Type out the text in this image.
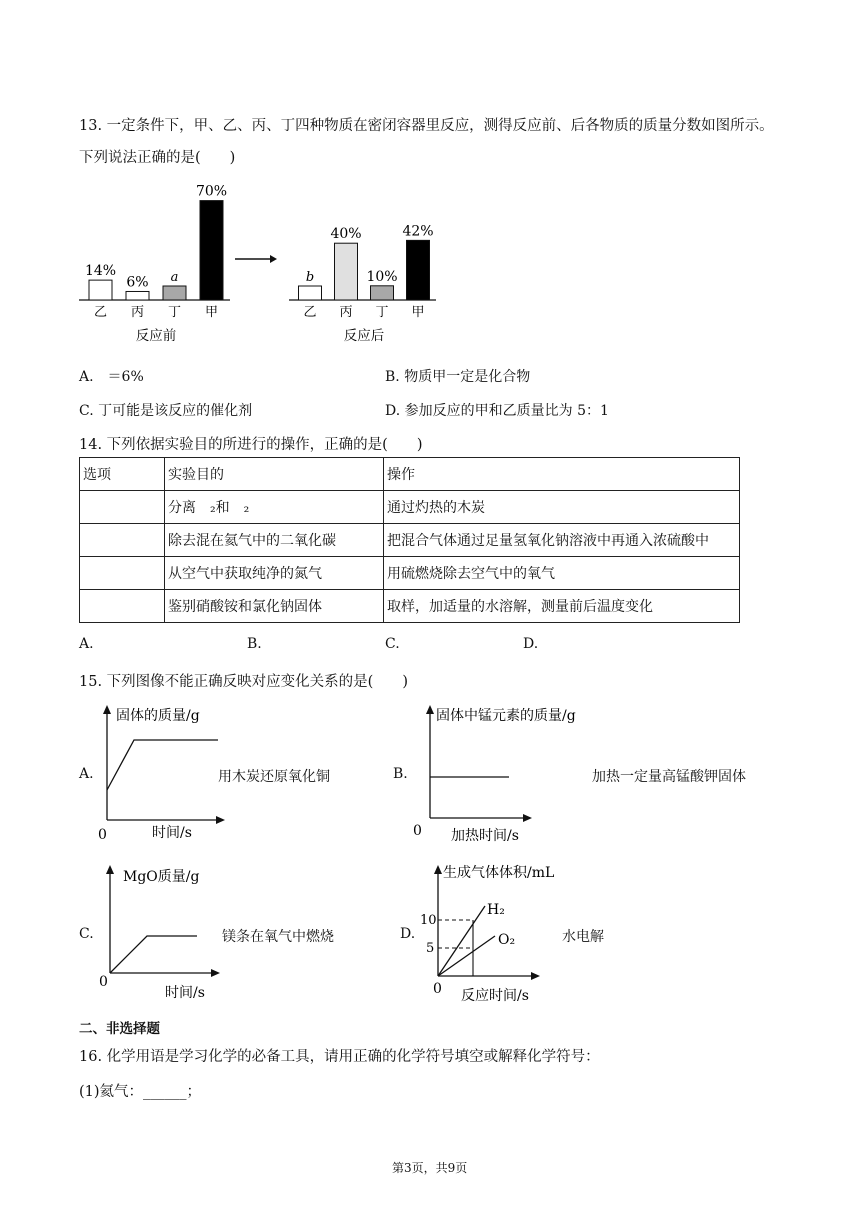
13. 一定条件下，甲、乙、丙、丁四种物质在密闭容器里反应，测得反应前、后各物质的质量分数如图所示。
下列说法正确的是(　　)
14%
乙
6%
丙
a
丁
70%
甲
反应前
b
乙
40%
丙
10%
丁
42%
甲
反应后
A.　＝6%	B. 物质甲一定是化合物
C. 丁可能是该反应的催化剂	D. 参加反应的甲和乙质量比为 5：1
14. 下列依据实验目的所进行的操作，正确的是(　　)
选项	实验目的	操作
	分离　₂和　₂	通过灼热的木炭
	除去混在氦气中的二氧化碳	把混合气体通过足量氢氧化钠溶液中再通入浓硫酸中
	从空气中获取纯净的氮气	用硫燃烧除去空气中的氧气
	鉴别硝酸铵和氯化钠固体	取样，加适量的水溶解，测量前后温度变化
A.	B.	C.	D.
15. 下列图像不能正确反映对应变化关系的是(　　)
A.
固体的质量/g
0	时间/s
用木炭还原氧化铜	B.
固体中锰元素的质量/g
0 加热时间/s
加热一定量高锰酸钾固体
C.
MgO质量/g
0
时间/s
镁条在氧气中燃烧	D.
生成气体体积/mL
10
5
H₂
O₂
0 反应时间/s
水电解
二、非选择题
16. 化学用语是学习化学的必备工具，请用正确的化学符号填空或解释化学符号：
(1)氦气：______；
第3页，共9页
